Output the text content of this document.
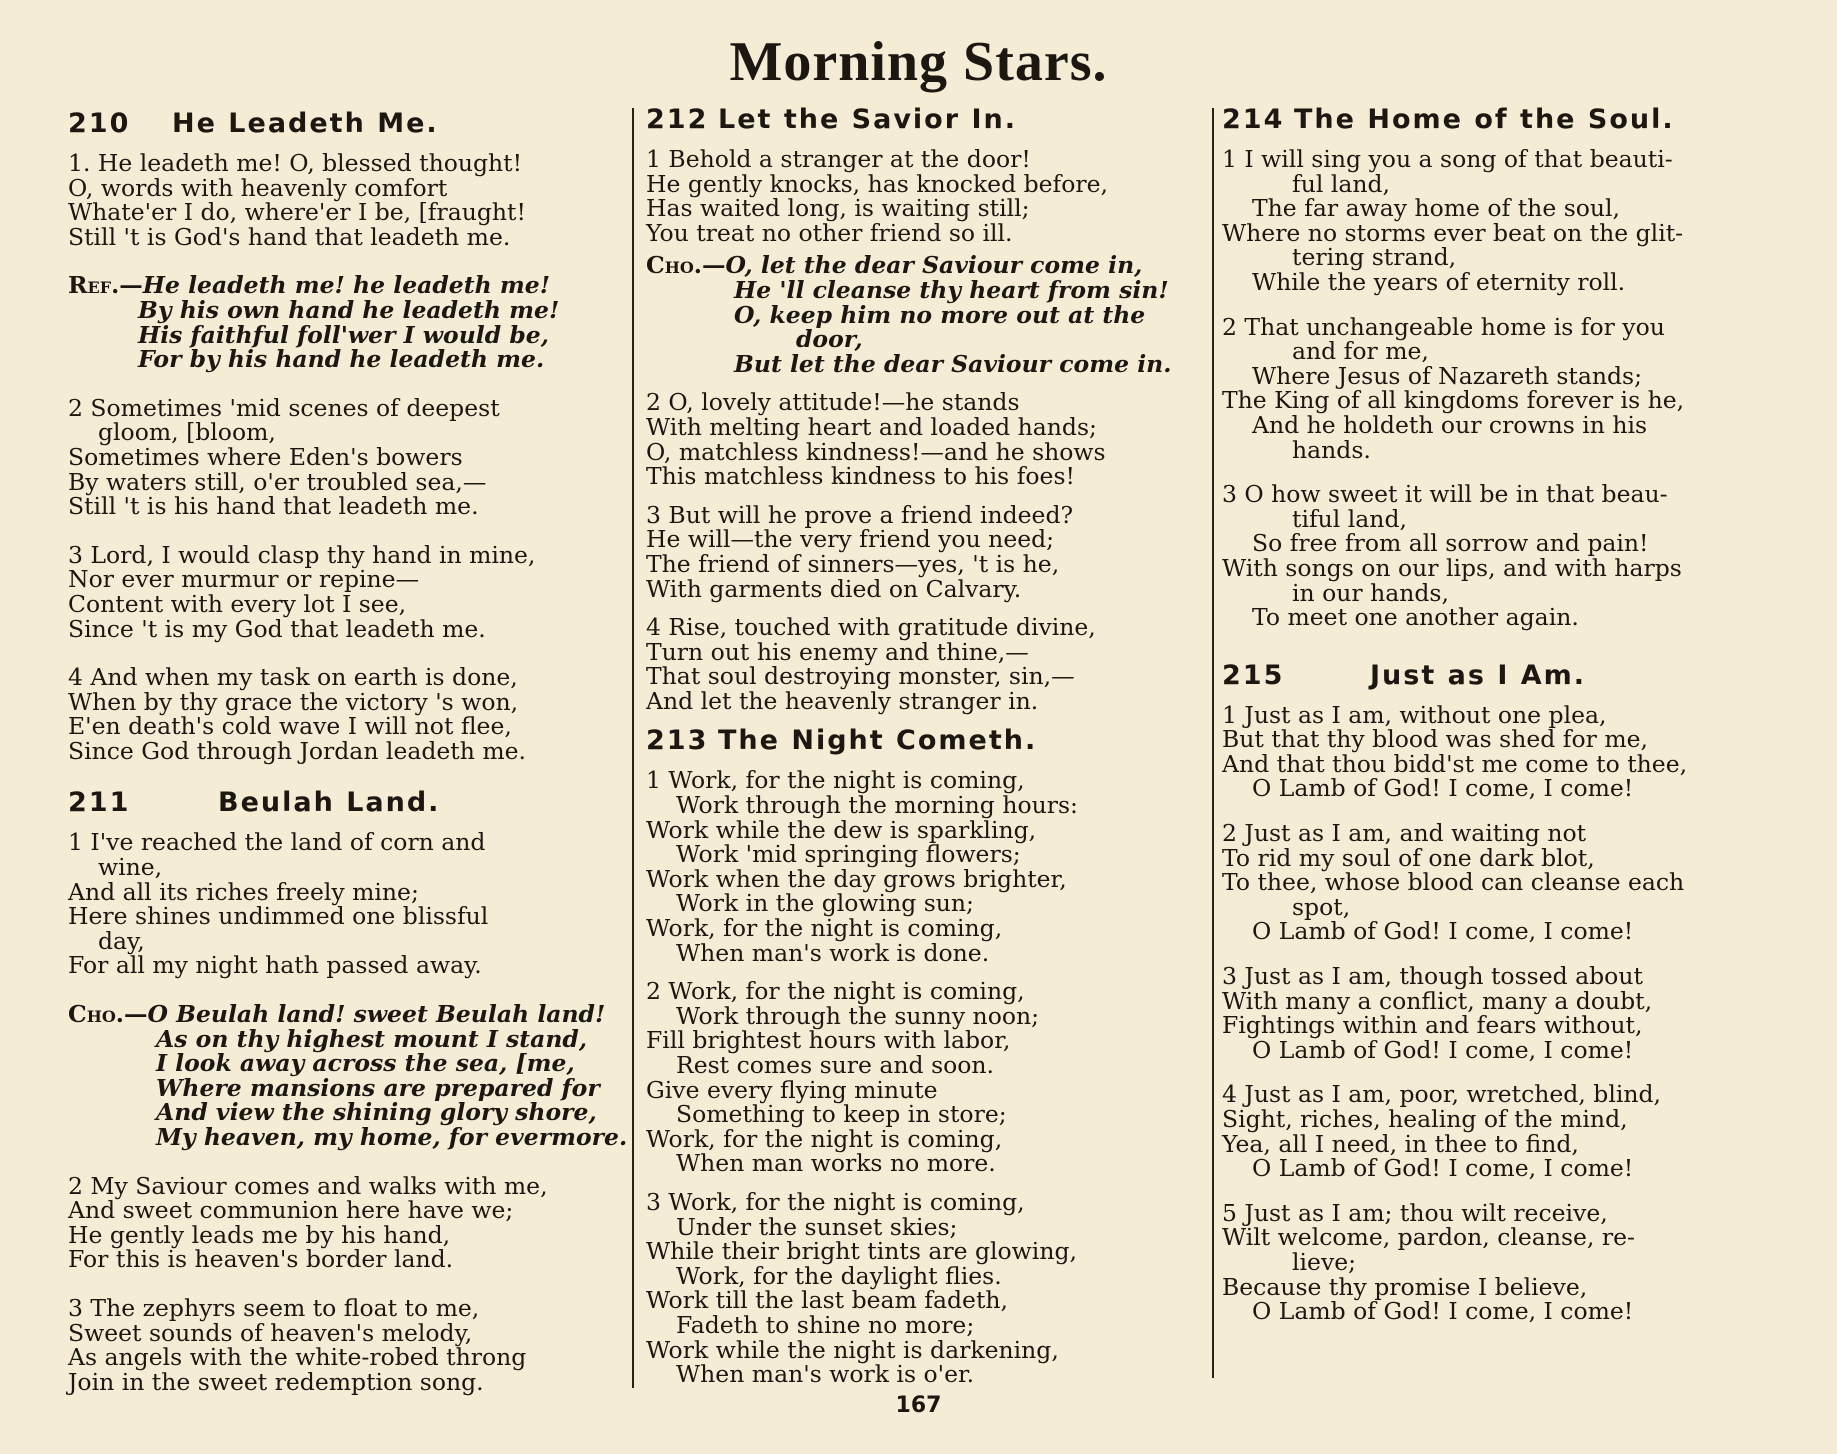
Morning Stars.
210 He Leadeth Me.
1. He leadeth me! O, blessed thought!
O, words with heavenly comfort
Whate'er I do, where'er I be, [fraught!
Still 't is God's hand that leadeth me.
Ref.—He leadeth me! he leadeth me!
By his own hand he leadeth me!
His faithful foll'wer I would be,
For by his hand he leadeth me.
2 Sometimes 'mid scenes of deepest
gloom, [bloom,
Sometimes where Eden's bowers
By waters still, o'er troubled sea,—
Still 't is his hand that leadeth me.
3 Lord, I would clasp thy hand in mine,
Nor ever murmur or repine—
Content with every lot I see,
Since 't is my God that leadeth me.
4 And when my task on earth is done,
When by thy grace the victory 's won,
E'en death's cold wave I will not flee,
Since God through Jordan leadeth me.
211	Beulah Land.
1 I've reached the land of corn and
wine,
And all its riches freely mine;
Here shines undimmed one blissful
day,
For all my night hath passed away.
Cho.—O Beulah land! sweet Beulah land!
As on thy highest mount I stand,
I look away across the sea, [me,
Where mansions are prepared for
And view the shining glory shore,
My heaven, my home, for evermore.
2 My Saviour comes and walks with me,
And sweet communion here have we;
He gently leads me by his hand,
For this is heaven's border land.
3 The zephyrs seem to float to me,
Sweet sounds of heaven's melody,
As angels with the white-robed throng
Join in the sweet redemption song.
212 Let the Savior In.
1 Behold a stranger at the door!
He gently knocks, has knocked before,
Has waited long, is waiting still;
You treat no other friend so ill.
Cho.—O, let the dear Saviour come in,
He 'll cleanse thy heart from sin!
O, keep him no more out at the
door,
But let the dear Saviour come in.
2 O, lovely attitude!—he stands
With melting heart and loaded hands;
O, matchless kindness!—and he shows
This matchless kindness to his foes!
3 But will he prove a friend indeed?
He will—the very friend you need;
The friend of sinners—yes, 't is he,
With garments died on Calvary.
4 Rise, touched with gratitude divine,
Turn out his enemy and thine,—
That soul destroying monster, sin,—
And let the heavenly stranger in.
213 The Night Cometh.
1 Work, for the night is coming,
Work through the morning hours:
Work while the dew is sparkling,
Work 'mid springing flowers;
Work when the day grows brighter,
Work in the glowing sun;
Work, for the night is coming,
When man's work is done.
2 Work, for the night is coming,
Work through the sunny noon;
Fill brightest hours with labor,
Rest comes sure and soon.
Give every flying minute
Something to keep in store;
Work, for the night is coming,
When man works no more.
3 Work, for the night is coming,
Under the sunset skies;
While their bright tints are glowing,
Work, for the daylight flies.
Work till the last beam fadeth,
Fadeth to shine no more;
Work while the night is darkening,
When man's work is o'er.
214 The Home of the Soul.
1 I will sing you a song of that beauti-
ful land,
The far away home of the soul,
Where no storms ever beat on the glit-
tering strand,
While the years of eternity roll.
2 That unchangeable home is for you
and for me,
Where Jesus of Nazareth stands;
The King of all kingdoms forever is he,
And he holdeth our crowns in his
hands.
3 O how sweet it will be in that beau-
tiful land,
So free from all sorrow and pain!
With songs on our lips, and with harps
in our hands,
To meet one another again.
215	Just as I Am.
1 Just as I am, without one plea,
But that thy blood was shed for me,
And that thou bidd'st me come to thee,
O Lamb of God! I come, I come!
2 Just as I am, and waiting not
To rid my soul of one dark blot,
To thee, whose blood can cleanse each
spot,
O Lamb of God! I come, I come!
3 Just as I am, though tossed about
With many a conflict, many a doubt,
Fightings within and fears without,
O Lamb of God! I come, I come!
4 Just as I am, poor, wretched, blind,
Sight, riches, healing of the mind,
Yea, all I need, in thee to find,
O Lamb of God! I come, I come!
5 Just as I am; thou wilt receive,
Wilt welcome, pardon, cleanse, re-
lieve;
Because thy promise I believe,
O Lamb of God! I come, I come!
167
